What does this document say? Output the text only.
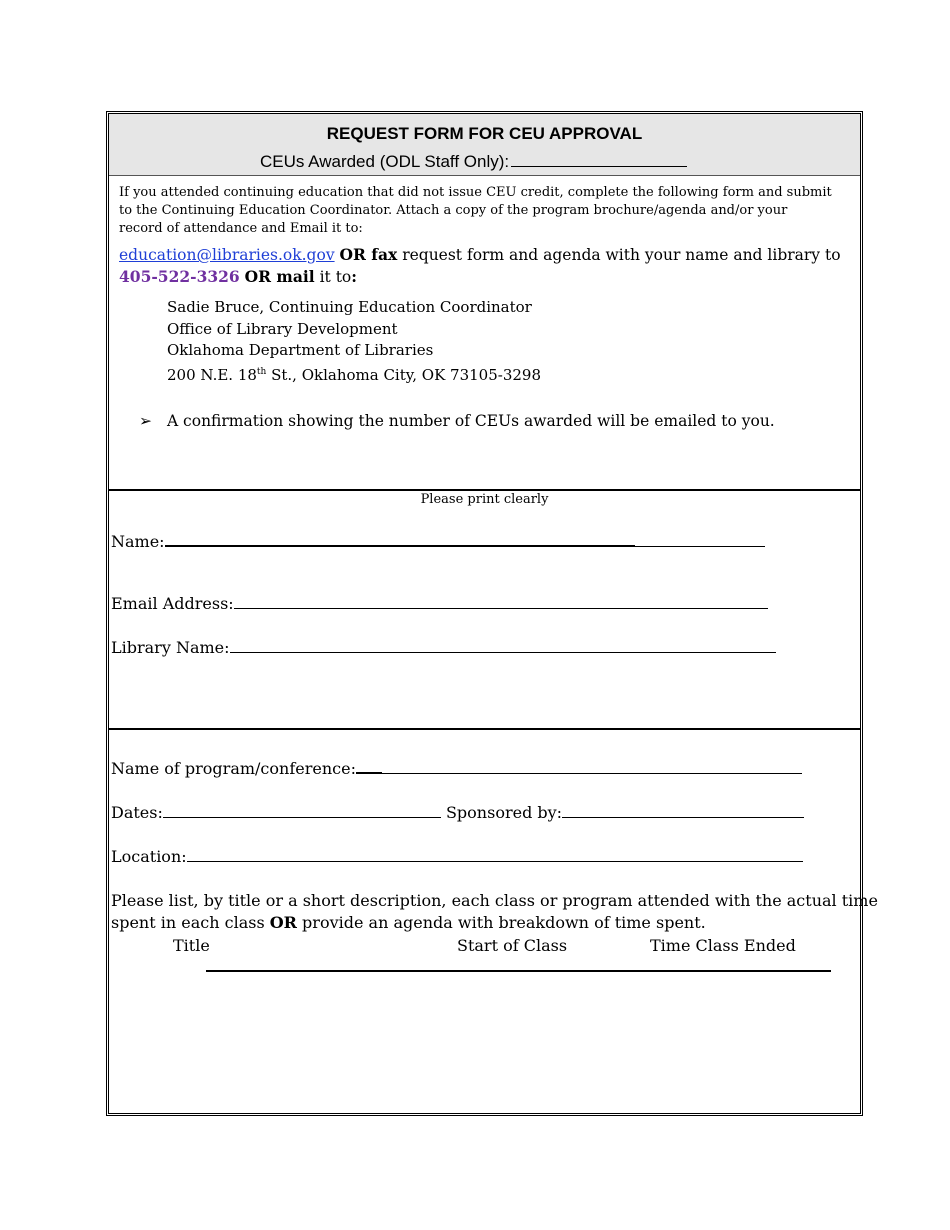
REQUEST FORM FOR CEU APPROVAL
CEUs Awarded (ODL Staff Only):
If you attended continuing education that did not issue CEU credit, complete the following form and submit
to the Continuing Education Coordinator. Attach a copy of the program brochure/agenda and/or your
record of attendance and Email it to:
education@libraries.ok.gov OR fax request form and agenda with your name and library to
405-522-3326 OR mail it to:
Sadie Bruce, Continuing Education Coordinator
Office of Library Development
Oklahoma Department of Libraries
200 N.E. 18th St., Oklahoma City, OK 73105-3298
➢ A confirmation showing the number of CEUs awarded will be emailed to you.
Please print clearly
Name:
Email Address:
Library Name:
Name of program/conference:
Dates:	Sponsored by:
Location:
Please list, by title or a short description, each class or program attended with the actual time
spent in each class OR provide an agenda with breakdown of time spent.
Title	Start of Class	Time Class Ended
